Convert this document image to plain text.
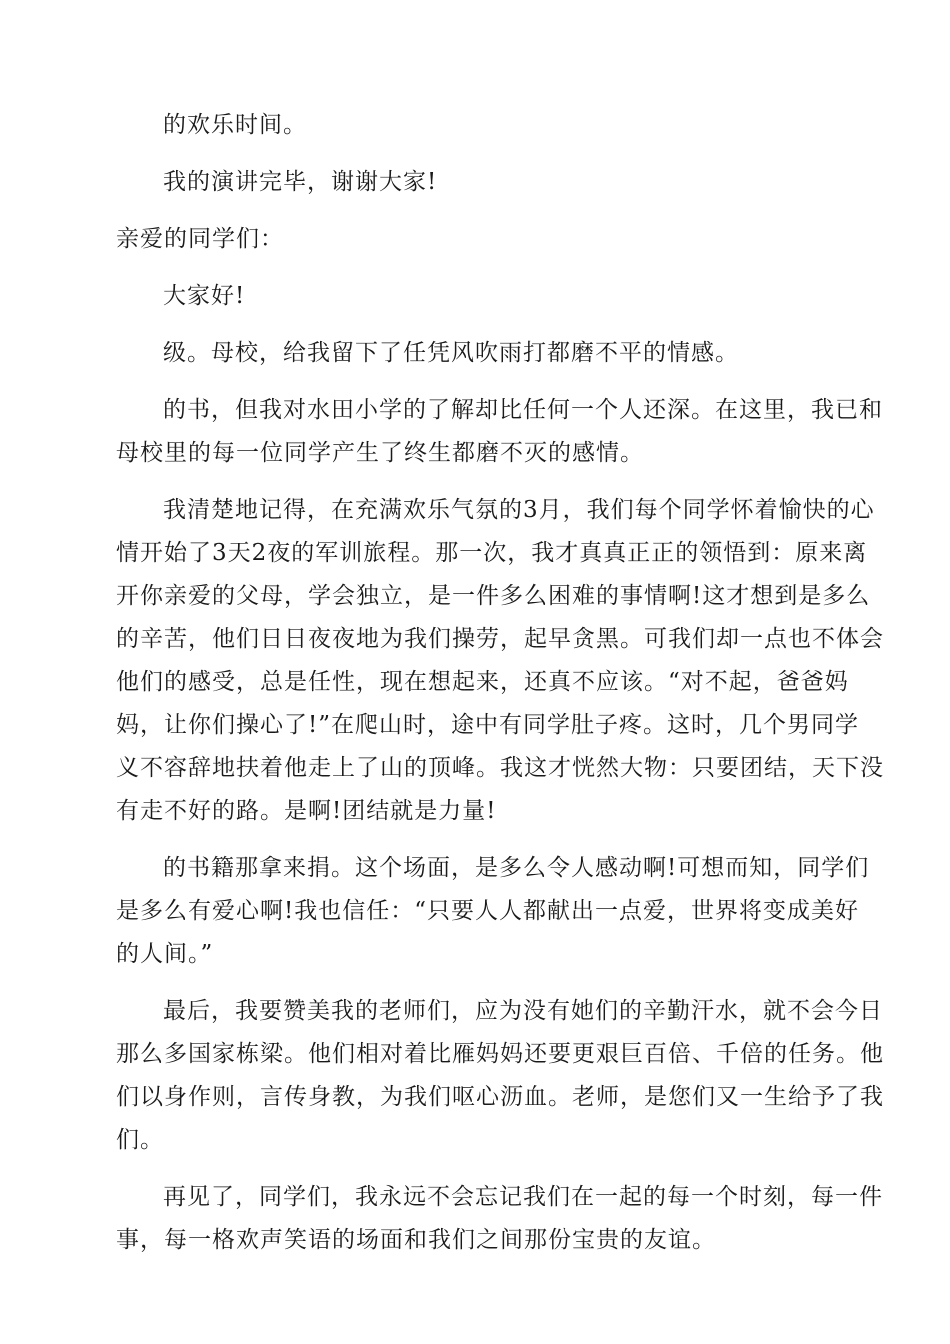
的欢乐时间。
我的演讲完毕，谢谢大家!
亲爱的同学们：
大家好!
级。母校，给我留下了任凭风吹雨打都磨不平的情感。
的书，但我对水田小学的了解却比任何一个人还深。在这里，我已和
母校里的每一位同学产生了终生都磨不灭的感情。
我清楚地记得，在充满欢乐气氛的3月，我们每个同学怀着愉快的心
情开始了3天2夜的军训旅程。那一次，我才真真正正的领悟到：原来离
开你亲爱的父母，学会独立，是一件多么困难的事情啊!这才想到是多么
的辛苦，他们日日夜夜地为我们操劳，起早贪黑。可我们却一点也不体会
他们的感受，总是任性，现在想起来，还真不应该。“对不起，爸爸妈
妈，让你们操心了!”在爬山时，途中有同学肚子疼。这时，几个男同学
义不容辞地扶着他走上了山的顶峰。我这才恍然大物：只要团结，天下没
有走不好的路。是啊!团结就是力量!
的书籍那拿来捐。这个场面，是多么令人感动啊!可想而知，同学们
是多么有爱心啊!我也信任：“只要人人都献出一点爱，世界将变成美好
的人间。”
最后，我要赞美我的老师们，应为没有她们的辛勤汗水，就不会今日
那么多国家栋梁。他们相对着比雁妈妈还要更艰巨百倍、千倍的任务。他
们以身作则，言传身教，为我们呕心沥血。老师，是您们又一生给予了我
们。
再见了，同学们，我永远不会忘记我们在一起的每一个时刻，每一件
事，每一格欢声笑语的场面和我们之间那份宝贵的友谊。
